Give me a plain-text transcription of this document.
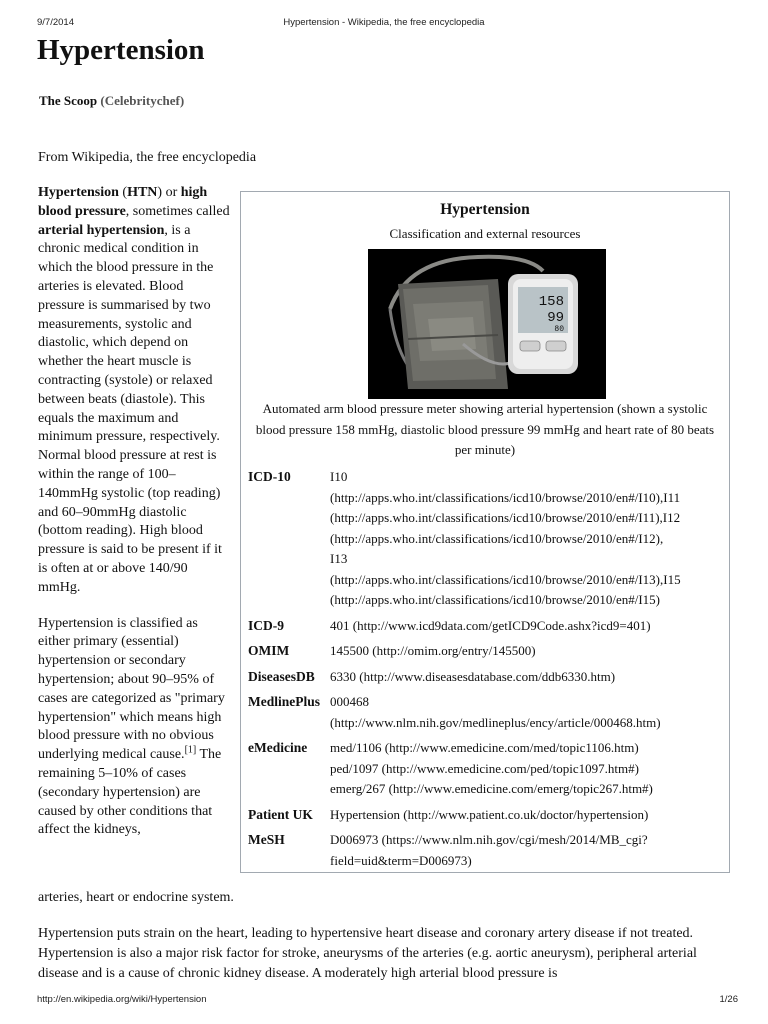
9/7/2014	Hypertension - Wikipedia, the free encyclopedia
Hypertension
The Scoop (Celebritychef)
From Wikipedia, the free encyclopedia

Hypertension (HTN) or high blood pressure, sometimes called arterial hypertension, is a chronic medical condition in which the blood pressure in the arteries is elevated. Blood pressure is summarised by two measurements, systolic and diastolic, which depend on whether the heart muscle is contracting (systole) or relaxed between beats (diastole). This equals the maximum and minimum pressure, respectively. Normal blood pressure at rest is within the range of 100–140mmHg systolic (top reading) and 60–90mmHg diastolic (bottom reading). High blood pressure is said to be present if it is often at or above 140/90 mmHg.

Hypertension is classified as either primary (essential) hypertension or secondary hypertension; about 90–95% of cases are categorized as "primary hypertension" which means high blood pressure with no obvious underlying medical cause.[1] The remaining 5–10% of cases (secondary hypertension) are caused by other conditions that affect the kidneys,

arteries, heart or endocrine system.
Hypertension
Classification and external resources
158
99
80
Automated arm blood pressure meter showing arterial hypertension (shown a systolic blood pressure 158 mmHg, diastolic blood pressure 99 mmHg and heart rate of 80 beats per minute)
ICD-10	I10
(http://apps.who.int/classifications/icd10/browse/2010/en#/I10),I11
(http://apps.who.int/classifications/icd10/browse/2010/en#/I11),I12
(http://apps.who.int/classifications/icd10/browse/2010/en#/I12),
I13
(http://apps.who.int/classifications/icd10/browse/2010/en#/I13),I15
(http://apps.who.int/classifications/icd10/browse/2010/en#/I15)
ICD-9	401 (http://www.icd9data.com/getICD9Code.ashx?icd9=401)
OMIM	145500 (http://omim.org/entry/145500)
DiseasesDB	6330 (http://www.diseasesdatabase.com/ddb6330.htm)
MedlinePlus 000468
(http://www.nlm.nih.gov/medlineplus/ency/article/000468.htm)
eMedicine	med/1106 (http://www.emedicine.com/med/topic1106.htm)
ped/1097 (http://www.emedicine.com/ped/topic1097.htm#)
emerg/267 (http://www.emedicine.com/emerg/topic267.htm#)
Patient UK	Hypertension (http://www.patient.co.uk/doctor/hypertension)
MeSH	D006973 (https://www.nlm.nih.gov/cgi/mesh/2014/MB_cgi?
field=uid&term=D006973)

Hypertension puts strain on the heart, leading to hypertensive heart disease and coronary artery disease if not treated. Hypertension is also a major risk factor for stroke, aneurysms of the arteries (e.g. aortic aneurysm), peripheral arterial disease and is a cause of chronic kidney disease. A moderately high arterial blood pressure is

http://en.wikipedia.org/wiki/Hypertension	1/26
